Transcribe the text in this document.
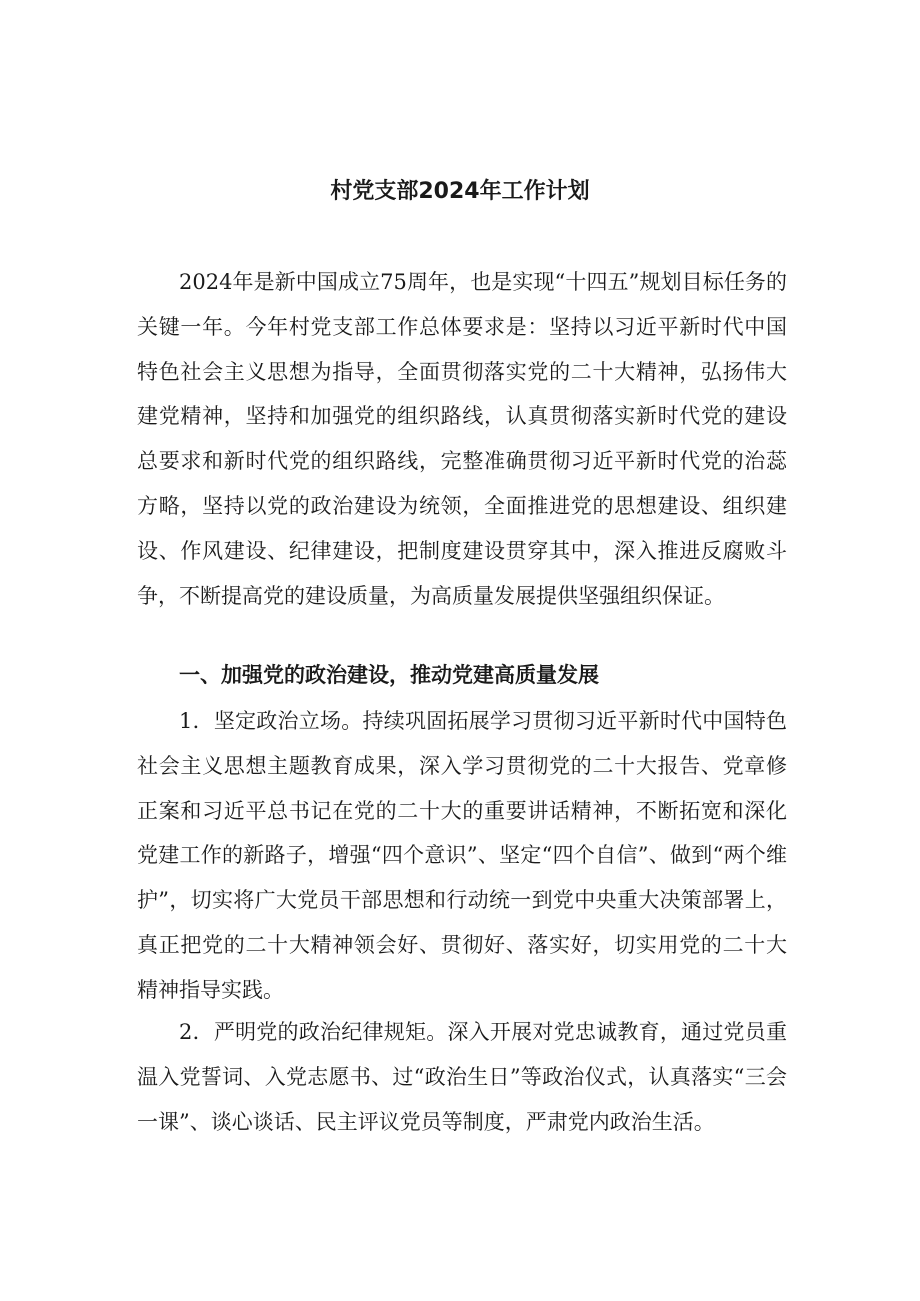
村党支部2024年工作计划

2024年是新中国成立75周年，也是实现“十四五”规划目标任务的关键一年。今年村党支部工作总体要求是：坚持以习近平新时代中国特色社会主义思想为指导，全面贯彻落实党的二十大精神，弘扬伟大建党精神，坚持和加强党的组织路线，认真贯彻落实新时代党的建设总要求和新时代党的组织路线，完整准确贯彻习近平新时代党的治蕊方略，坚持以党的政治建设为统领，全面推进党的思想建设、组织建设、作风建设、纪律建设，把制度建设贯穿其中，深入推进反腐败斗争，不断提高党的建设质量，为高质量发展提供坚强组织保证。

一、加强党的政治建设，推动党建高质量发展

1．坚定政治立场。持续巩固拓展学习贯彻习近平新时代中国特色社会主义思想主题教育成果，深入学习贯彻党的二十大报告、党章修正案和习近平总书记在党的二十大的重要讲话精神，不断拓宽和深化党建工作的新路子，增强“四个意识”、坚定“四个自信”、做到“两个维护”，切实将广大党员干部思想和行动统一到党中央重大决策部署上，真正把党的二十大精神领会好、贯彻好、落实好，切实用党的二十大精神指导实践。

2．严明党的政治纪律规矩。深入开展对党忠诚教育，通过党员重温入党誓词、入党志愿书、过“政治生日”等政治仪式，认真落实“三会一课”、谈心谈话、民主评议党员等制度，严肃党内政治生活。
